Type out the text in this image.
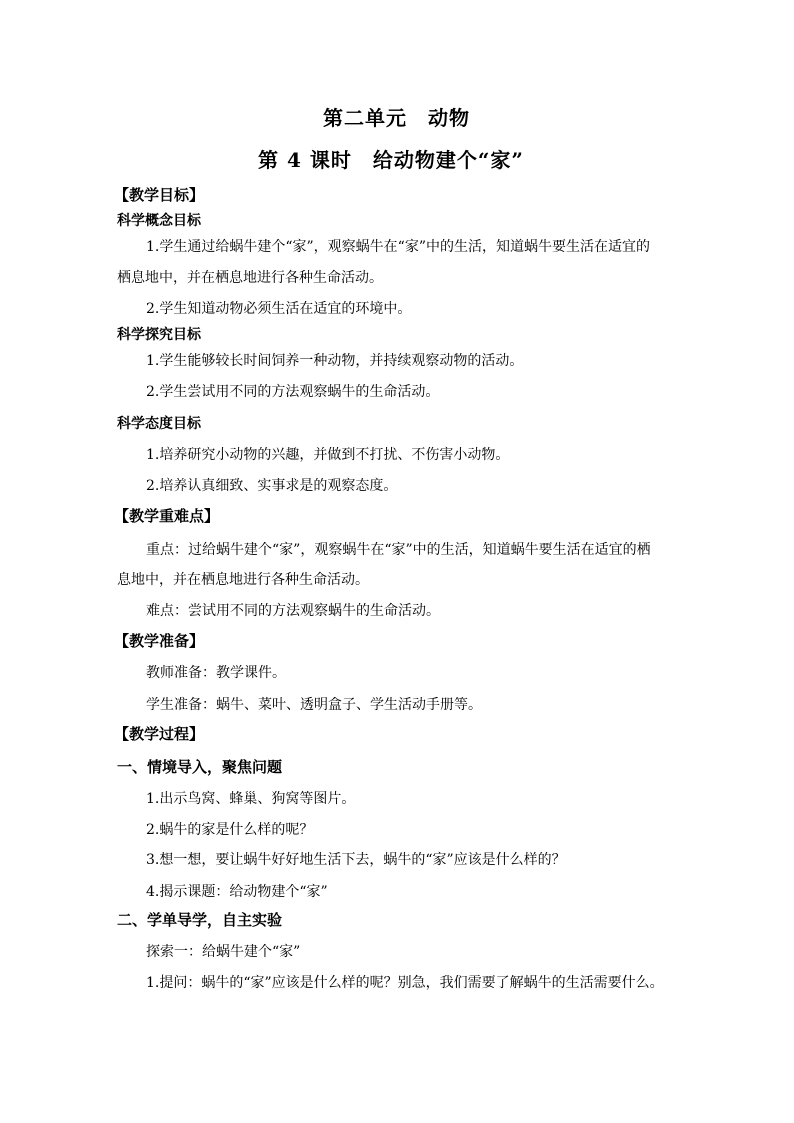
第二单元　动物
第 4 课时　给动物建个“家”
【教学目标】
科学概念目标
1.学生通过给蜗牛建个“家”，观察蜗牛在“家”中的生活，知道蜗牛要生活在适宜的
栖息地中，并在栖息地进行各种生命活动。
2.学生知道动物必须生活在适宜的环境中。
科学探究目标
1.学生能够较长时间饲养一种动物，并持续观察动物的活动。
2.学生尝试用不同的方法观察蜗牛的生命活动。
科学态度目标
1.培养研究小动物的兴趣，并做到不打扰、不伤害小动物。
2.培养认真细致、实事求是的观察态度。
【教学重难点】
重点：过给蜗牛建个“家”，观察蜗牛在“家”中的生活，知道蜗牛要生活在适宜的栖
息地中，并在栖息地进行各种生命活动。
难点：尝试用不同的方法观察蜗牛的生命活动。
【教学准备】
教师准备：教学课件。
学生准备：蜗牛、菜叶、透明盒子、学生活动手册等。
【教学过程】
一、情境导入，聚焦问题
1.出示鸟窝、蜂巢、狗窝等图片。
2.蜗牛的家是什么样的呢？
3.想一想，要让蜗牛好好地生活下去，蜗牛的“家”应该是什么样的？
4.揭示课题：给动物建个“家”
二、学单导学，自主实验
探索一：给蜗牛建个“家”
1.提问：蜗牛的“家”应该是什么样的呢？别急，我们需要了解蜗牛的生活需要什么。
